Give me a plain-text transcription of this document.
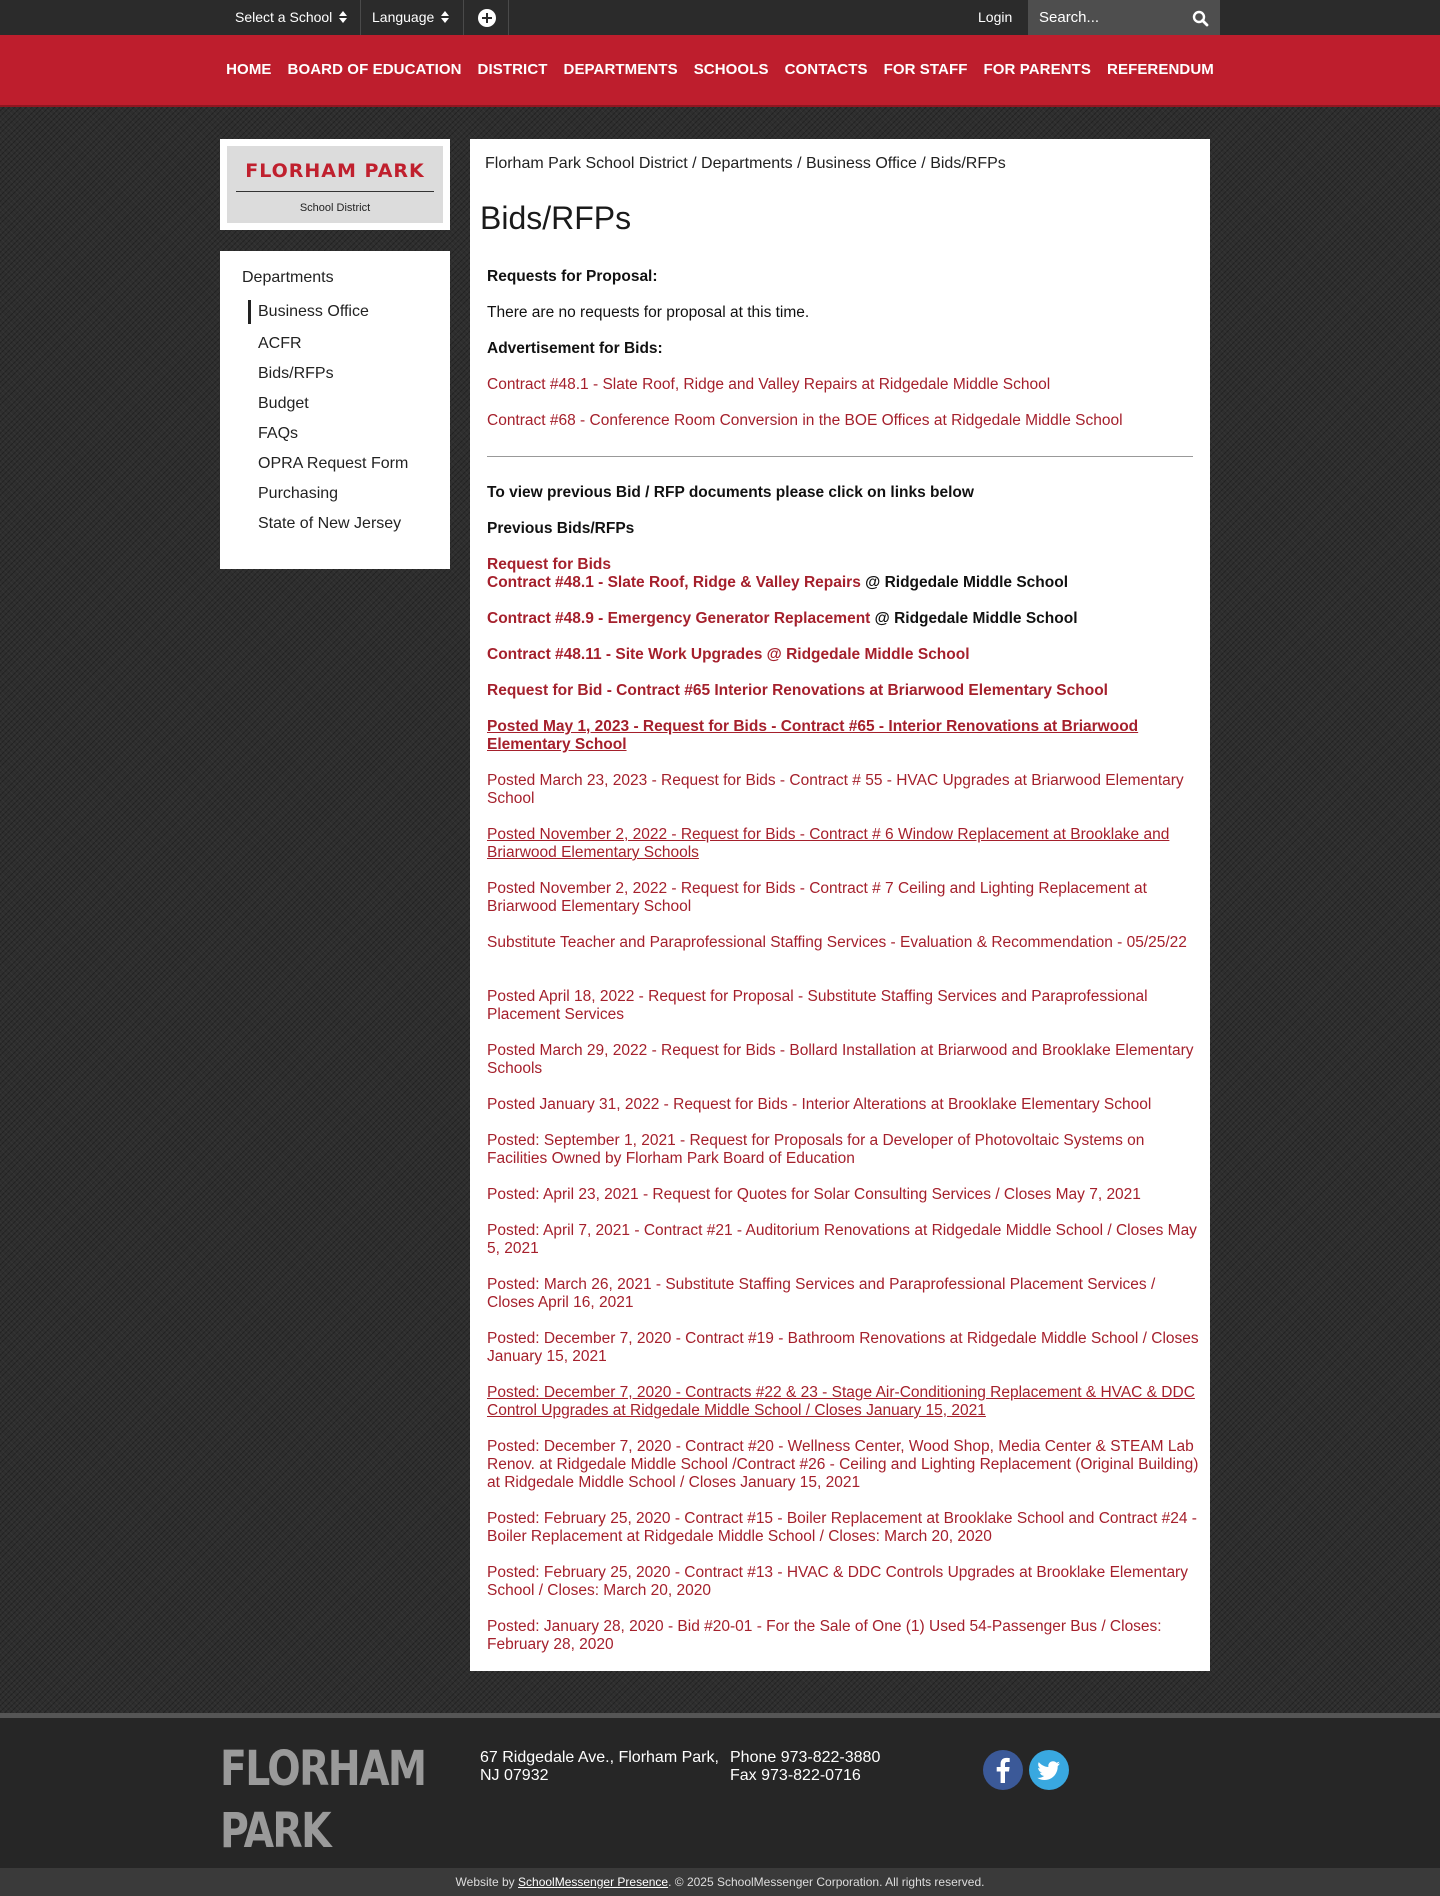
Select a School	Language	Login
Search...
HOME BOARD OF EDUCATION DISTRICT DEPARTMENTS SCHOOLS CONTACTS FOR STAFF FOR PARENTS REFERENDUM
FLORHAM PARK
School District
Departments
Business Office
ACFR
Bids/RFPs
Budget
FAQs
OPRA Request Form
Purchasing
State of New Jersey
Florham Park School District / Departments / Business Office / Bids/RFPs
Bids/RFPs
Requests for Proposal:
There are no requests for proposal at this time.
Advertisement for Bids:
Contract #48.1 - Slate Roof, Ridge and Valley Repairs at Ridgedale Middle School
Contract #68 - Conference Room Conversion in the BOE Offices at Ridgedale Middle School
To view previous Bid / RFP documents please click on links below
Previous Bids/RFPs
Request for Bids
Contract #48.1 - Slate Roof, Ridge & Valley Repairs @ Ridgedale Middle School
Contract #48.9 - Emergency Generator Replacement @ Ridgedale Middle School
Contract #48.11 - Site Work Upgrades @ Ridgedale Middle School
Request for Bid - Contract #65 Interior Renovations at Briarwood Elementary School
Posted May 1, 2023 - Request for Bids - Contract #65 - Interior Renovations at Briarwood Elementary School
Posted March 23, 2023 - Request for Bids - Contract # 55 - HVAC Upgrades at Briarwood Elementary School
Posted November 2, 2022 - Request for Bids - Contract # 6 Window Replacement at Brooklake and Briarwood Elementary Schools
Posted November 2, 2022 - Request for Bids - Contract # 7 Ceiling and Lighting Replacement at Briarwood Elementary School
Substitute Teacher and Paraprofessional Staffing Services - Evaluation & Recommendation - 05/25/22
Posted April 18, 2022 - Request for Proposal - Substitute Staffing Services and Paraprofessional Placement Services
Posted March 29, 2022 - Request for Bids - Bollard Installation at Briarwood and Brooklake Elementary Schools
Posted January 31, 2022 - Request for Bids - Interior Alterations at Brooklake Elementary School
Posted: September 1, 2021 - Request for Proposals for a Developer of Photovoltaic Systems on Facilities Owned by Florham Park Board of Education
Posted: April 23, 2021 - Request for Quotes for Solar Consulting Services / Closes May 7, 2021
Posted: April 7, 2021 - Contract #21 - Auditorium Renovations at Ridgedale Middle School / Closes May 5, 2021
Posted: March 26, 2021 - Substitute Staffing Services and Paraprofessional Placement Services / Closes April 16, 2021
Posted: December 7, 2020 - Contract #19 - Bathroom Renovations at Ridgedale Middle School / Closes January 15, 2021
Posted: December 7, 2020 - Contracts #22 & 23 - Stage Air-Conditioning Replacement & HVAC & DDC Control Upgrades at Ridgedale Middle School / Closes January 15, 2021
Posted: December 7, 2020 - Contract #20 - Wellness Center, Wood Shop, Media Center & STEAM Lab Renov. at Ridgedale Middle School /Contract #26 - Ceiling and Lighting Replacement (Original Building) at Ridgedale Middle School / Closes January 15, 2021
Posted: February 25, 2020 - Contract #15 - Boiler Replacement at Brooklake School and Contract #24 - Boiler Replacement at Ridgedale Middle School / Closes: March 20, 2020
Posted: February 25, 2020 - Contract #13 - HVAC & DDC Controls Upgrades at Brooklake Elementary School / Closes: March 20, 2020
Posted: January 28, 2020 - Bid #20-01 - For the Sale of One (1) Used 54-Passenger Bus / Closes: February 28, 2020
FLORHAM
PARK
67 Ridgedale Ave., Florham Park,
NJ 07932
Phone 973-822-3880
Fax 973-822-0716
Website by SchoolMessenger Presence. © 2025 SchoolMessenger Corporation. All rights reserved.
